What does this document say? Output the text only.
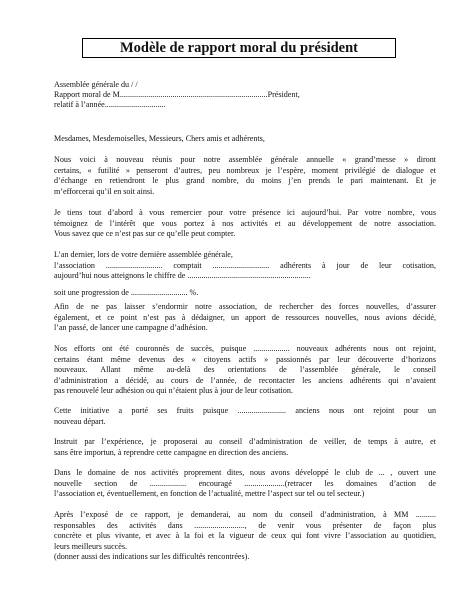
Modèle de rapport moral du président
Assemblée générale du / /
Rapport moral de M.........................................................................Président,
relatif à l’année..............................
Mesdames, Mesdemoiselles, Messieurs, Chers amis et adhérents,
Nous voici à nouveau réunis pour notre assemblée générale annuelle « grand’messe » diront
certains, « futilité » penseront d’autres, peu nombreux je l’espère, moment privilégié de dialogue et
d’échange en retiendront le plus grand nombre, du moins j’en prends le pari maintenant. Et je
m’efforcerai qu’il en soit ainsi.
Je tiens tout d’abord à vous remercier pour votre présence ici aujourd’hui. Par votre nombre, vous
témoignez de l’intérêt que vous portez à nos activités et au développement de notre association.
Vous savez que ce n’est pas sur ce qu’elle peut compter.
L’an dernier, lors de votre dernière assemblée générale,
l’association ............................ comptait ............................ adhérents à jour de leur cotisation,
aujourd’hui nous atteignons le chiffre de .............................................................
soit une progression de ............................ %.
Afin de ne pas laisser s’endormir notre association, de rechercher des forces nouvelles, d’assurer
également, et ce point n’est pas à dédaigner, un apport de ressources nouvelles, nous avions décidé,
l’an passé, de lancer une campagne d’adhésion.
Nos efforts ont été couronnés de succès, puisque .................. nouveaux adhérents nous ont rejoint,
certains étant même devenus des « citoyens actifs » passionnés par leur découverte d’horizons
nouveaux. Allant même au-delà des orientations de l’assemblée générale, le conseil
d’administration a décidé, au cours de l’année, de recontacter les anciens adhérents qui n’avaient
pas renouvelé leur adhésion ou qui n’étaient plus à jour de leur cotisation.
Cette initiative a porté ses fruits puisque ........................ anciens nous ont rejoint pour un
nouveau départ.
Instruit par l’expérience, je proposerai au conseil d’administration de veiller, de temps à autre, et
sans être importun, à reprendre cette campagne en direction des anciens.
Dans le domaine de nos activités proprement dites, nous avons développé le club de ... , ouvert une
nouvelle section de .................. encouragé ....................(retracer les domaines d’action de
l’association et, éventuellement, en fonction de l’actualité, mettre l’aspect sur tel ou tel secteur.)
Après l’exposé de ce rapport, je demanderai, au nom du conseil d’administration, à MM ..........
responsables des activités dans ........................., de venir vous présenter de façon plus
concrète et plus vivante, et avec à la foi et la vigueur de ceux qui font vivre l’association au quotidien,
leurs meilleurs succès.
(donner aussi des indications sur les difficultés rencontrées).
